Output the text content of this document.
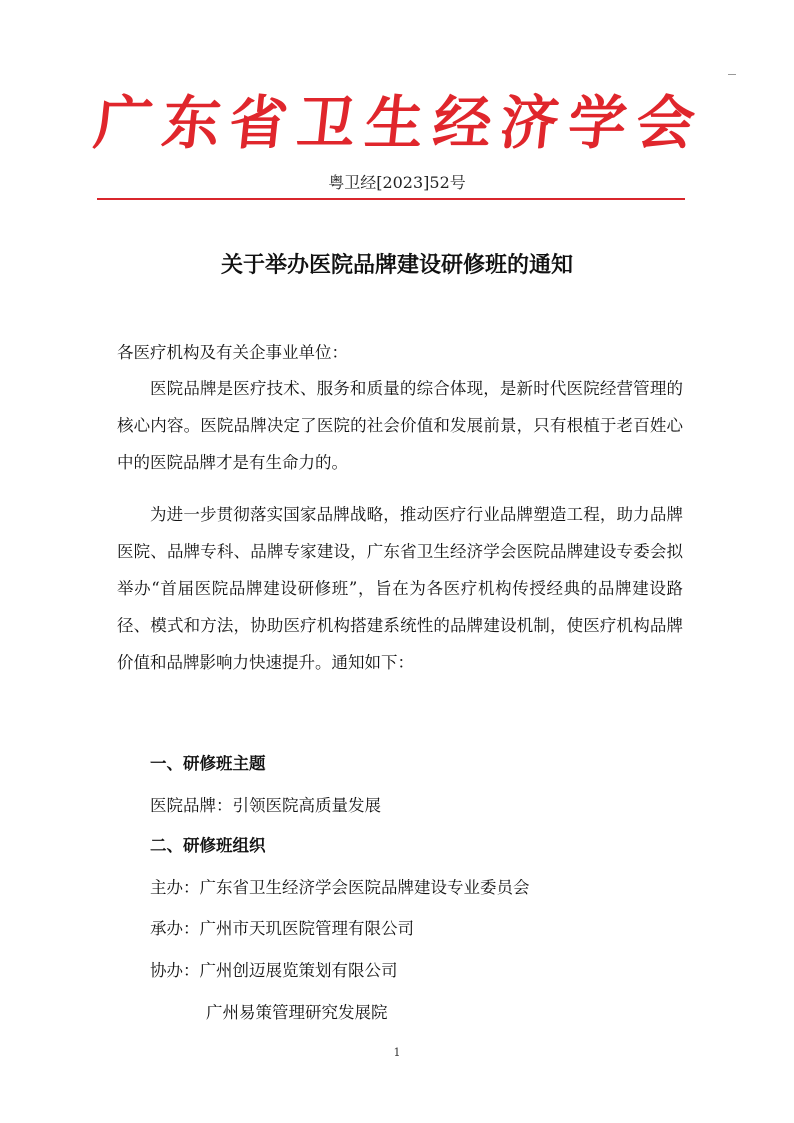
广 东 省 卫 生 经 济 学 会
粤卫经[2023]52号
关于举办医院品牌建设研修班的通知
各医疗机构及有关企事业单位：

医院品牌是医疗技术、服务和质量的综合体现，是新时代医院经营管理的核心内容。医院品牌决定了医院的社会价值和发展前景，只有根植于老百姓心中的医院品牌才是有生命力的。

为进一步贯彻落实国家品牌战略，推动医疗行业品牌塑造工程，助力品牌医院、品牌专科、品牌专家建设，广东省卫生经济学会医院品牌建设专委会拟举办“首届医院品牌建设研修班”，旨在为各医疗机构传授经典的品牌建设路径、模式和方法，协助医疗机构搭建系统性的品牌建设机制，使医疗机构品牌价值和品牌影响力快速提升。通知如下：

一、研修班主题
医院品牌：引领医院高质量发展
二、研修班组织
主办：广东省卫生经济学会医院品牌建设专业委员会
承办：广州市天玑医院管理有限公司
协办：广州创迈展览策划有限公司
广州易策管理研究发展院
1
